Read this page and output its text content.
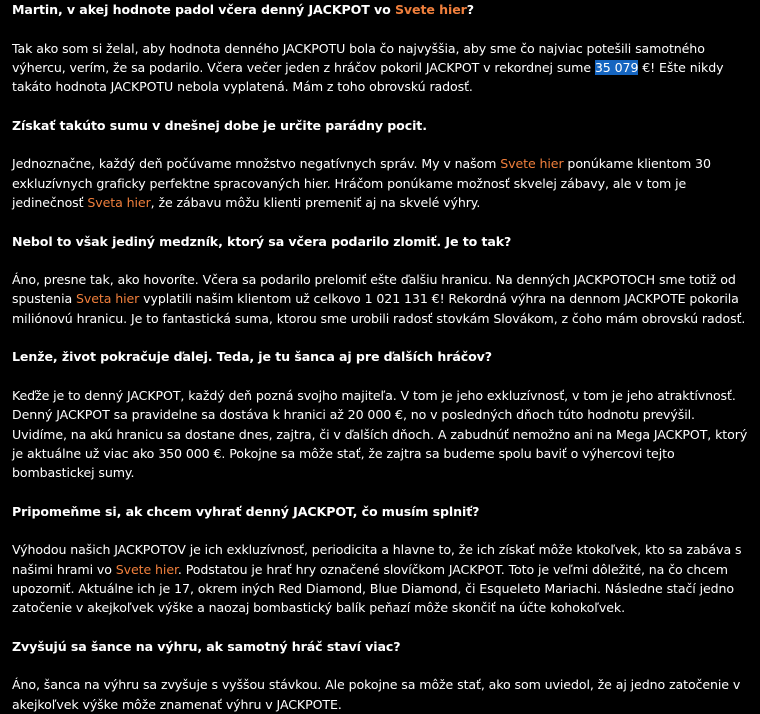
Martin, v akej hodnote padol včera denný JACKPOT vo Svete hier?

Tak ako som si želal, aby hodnota denného JACKPOTU bola čo najvyššia, aby sme čo najviac potešili samotného výhercu, verím, že sa podarilo. Včera večer jeden z hráčov pokoril JACKPOT v rekordnej sume 35 079 €! Ešte nikdy takáto hodnota JACKPOTU nebola vyplatená. Mám z toho obrovskú radosť.

Získať takúto sumu v dnešnej dobe je určite parádny pocit.

Jednoznačne, každý deň počúvame množstvo negatívnych správ. My v našom Svete hier ponúkame klientom 30 exkluzívnych graficky perfektne spracovaných hier. Hráčom ponúkame možnosť skvelej zábavy, ale v tom je jedinečnosť Sveta hier, že zábavu môžu klienti premeniť aj na skvelé výhry.

Nebol to však jediný medzník, ktorý sa včera podarilo zlomiť. Je to tak?

Áno, presne tak, ako hovoríte. Včera sa podarilo prelomiť ešte ďalšiu hranicu. Na denných JACKPOTOCH sme totiž od spustenia Sveta hier vyplatili našim klientom už celkovo 1 021 131 €! Rekordná výhra na dennom JACKPOTE pokorila miliónovú hranicu. Je to fantastická suma, ktorou sme urobili radosť stovkám Slovákom, z čoho mám obrovskú radosť.

Lenže, život pokračuje ďalej. Teda, je tu šanca aj pre ďalších hráčov?

Keďže je to denný JACKPOT, každý deň pozná svojho majiteľa. V tom je jeho exkluzívnosť, v tom je jeho atraktívnosť. Denný JACKPOT sa pravidelne sa dostáva k hranici až 20 000 €, no v posledných dňoch túto hodnotu prevýšil. Uvidíme, na akú hranicu sa dostane dnes, zajtra, či v ďalších dňoch. A zabudnúť nemožno ani na Mega JACKPOT, ktorý je aktuálne už viac ako 350 000 €. Pokojne sa môže stať, že zajtra sa budeme spolu baviť o výhercovi tejto bombastickej sumy.

Pripomeňme si, ak chcem vyhrať denný JACKPOT, čo musím splniť?

Výhodou našich JACKPOTOV je ich exkluzívnosť, periodicita a hlavne to, že ich získať môže ktokoľvek, kto sa zabáva s našimi hrami vo Svete hier. Podstatou je hrať hry označené slovíčkom JACKPOT. Toto je veľmi dôležité, na čo chcem upozorniť. Aktuálne ich je 17, okrem iných Red Diamond, Blue Diamond, či Esqueleto Mariachi. Následne stačí jedno zatočenie v akejkoľvek výške a naozaj bombastický balík peňazí môže skončiť na účte kohokoľvek.

Zvyšujú sa šance na výhru, ak samotný hráč staví viac?

Áno, šanca na výhru sa zvyšuje s vyššou stávkou. Ale pokojne sa môže stať, ako som uviedol, že aj jedno zatočenie v akejkoľvek výške môže znamenať výhru v JACKPOTE.
